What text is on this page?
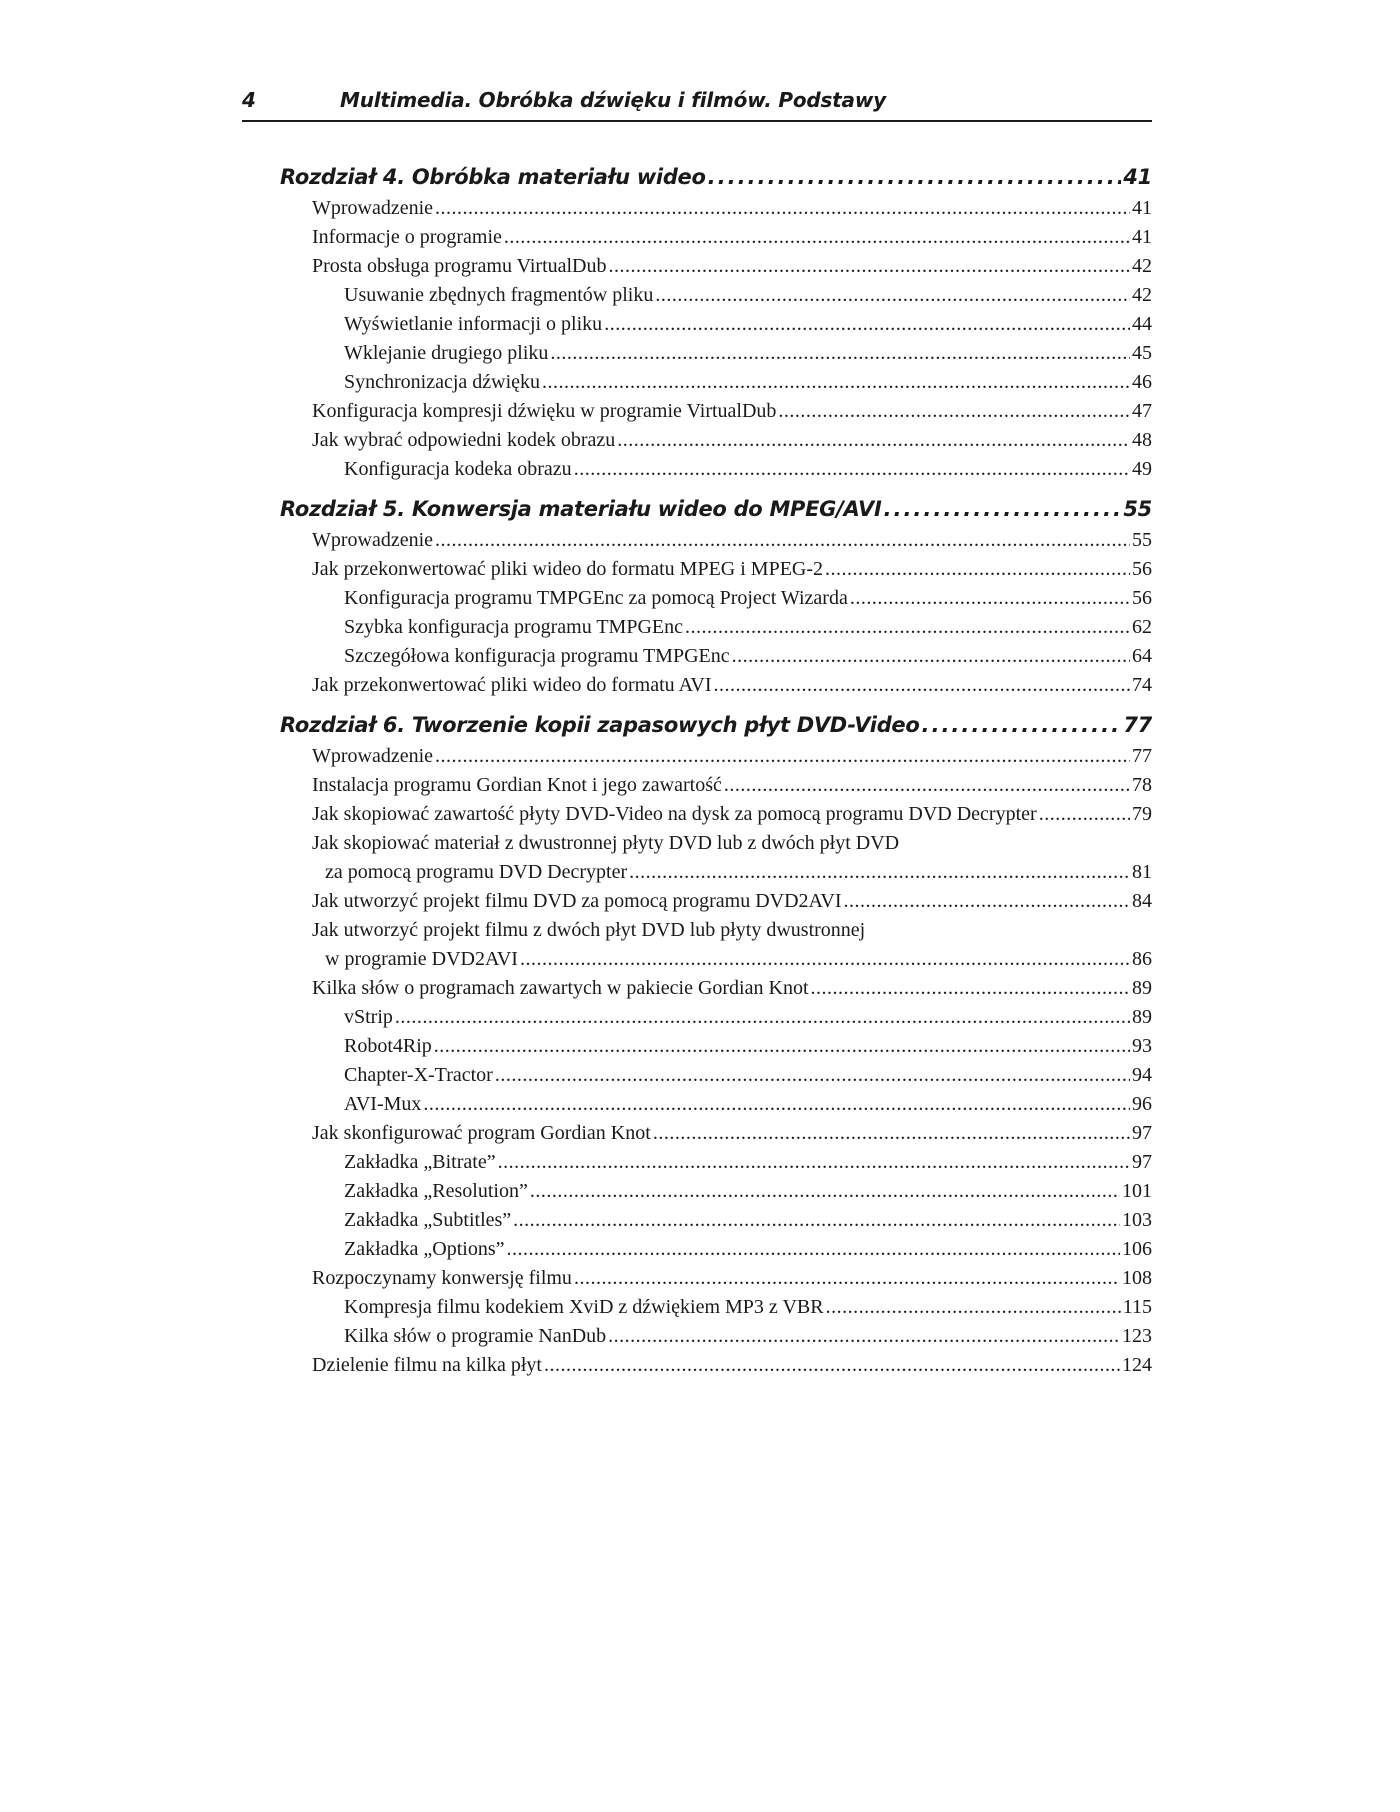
4	Multimedia. Obróbka dźwięku i filmów. Podstawy
Rozdział 4. Obróbka materiału wideo .....	41
Wprowadzenie .....	41
Informacje o programie .....	41
Prosta obsługa programu VirtualDub .....	42
Usuwanie zbędnych fragmentów pliku .....	42
Wyświetlanie informacji o pliku .....	44
Wklejanie drugiego pliku .....	45
Synchronizacja dźwięku .....	46
Konfiguracja kompresji dźwięku w programie VirtualDub .....	47
Jak wybrać odpowiedni kodek obrazu .....	48
Konfiguracja kodeka obrazu .....	49
Rozdział 5. Konwersja materiału wideo do MPEG/AVI .....	55
Wprowadzenie .....	55
Jak przekonwertować pliki wideo do formatu MPEG i MPEG-2 .....	56
Konfiguracja programu TMPGEnc za pomocą Project Wizarda .....	56
Szybka konfiguracja programu TMPGEnc .....	62
Szczegółowa konfiguracja programu TMPGEnc .....	64
Jak przekonwertować pliki wideo do formatu AVI .....	74
Rozdział 6. Tworzenie kopii zapasowych płyt DVD-Video .....	77
Wprowadzenie .....	77
Instalacja programu Gordian Knot i jego zawartość .....	78
Jak skopiować zawartość płyty DVD-Video na dysk za pomocą programu DVD Decrypter .....	79
Jak skopiować materiał z dwustronnej płyty DVD lub z dwóch płyt DVD
za pomocą programu DVD Decrypter .....	81
Jak utworzyć projekt filmu DVD za pomocą programu DVD2AVI .....	84
Jak utworzyć projekt filmu z dwóch płyt DVD lub płyty dwustronnej
w programie DVD2AVI .....	86
Kilka słów o programach zawartych w pakiecie Gordian Knot .....	89
vStrip .....	89
Robot4Rip .....	93
Chapter-X-Tractor .....	94
AVI-Mux .....	96
Jak skonfigurować program Gordian Knot .....	97
Zakładka „Bitrate” .....	97
Zakładka „Resolution” .....	101
Zakładka „Subtitles” .....	103
Zakładka „Options” .....	106
Rozpoczynamy konwersję filmu .....	108
Kompresja filmu kodekiem XviD z dźwiękiem MP3 z VBR .....	115
Kilka słów o programie NanDub .....	123
Dzielenie filmu na kilka płyt .....	124
